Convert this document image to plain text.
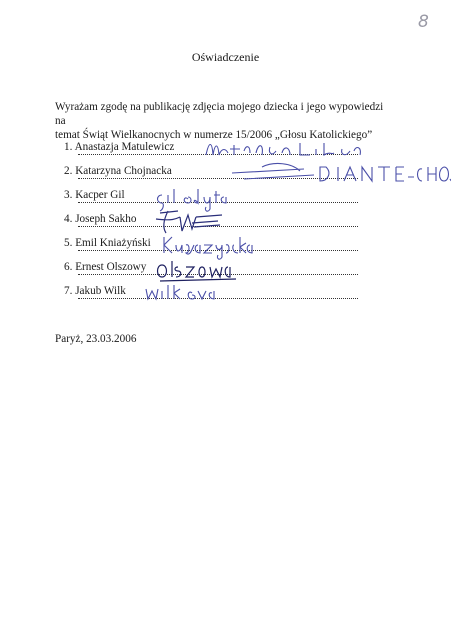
8
Oświadczenie
Wyrażam zgodę na publikację zdjęcia mojego dziecka i jego wypowiedzi na
temat Świąt Wielkanocnych w numerze 15/2006 „Głosu Katolickiego”
1. Anastazja Matulewicz
2. Katarzyna Chojnacka
3. Kacper Gil
4. Joseph Sakho
5. Emil Kniażyński
6. Ernest Olszowy
7. Jakub Wilk
Paryż, 23.03.2006
